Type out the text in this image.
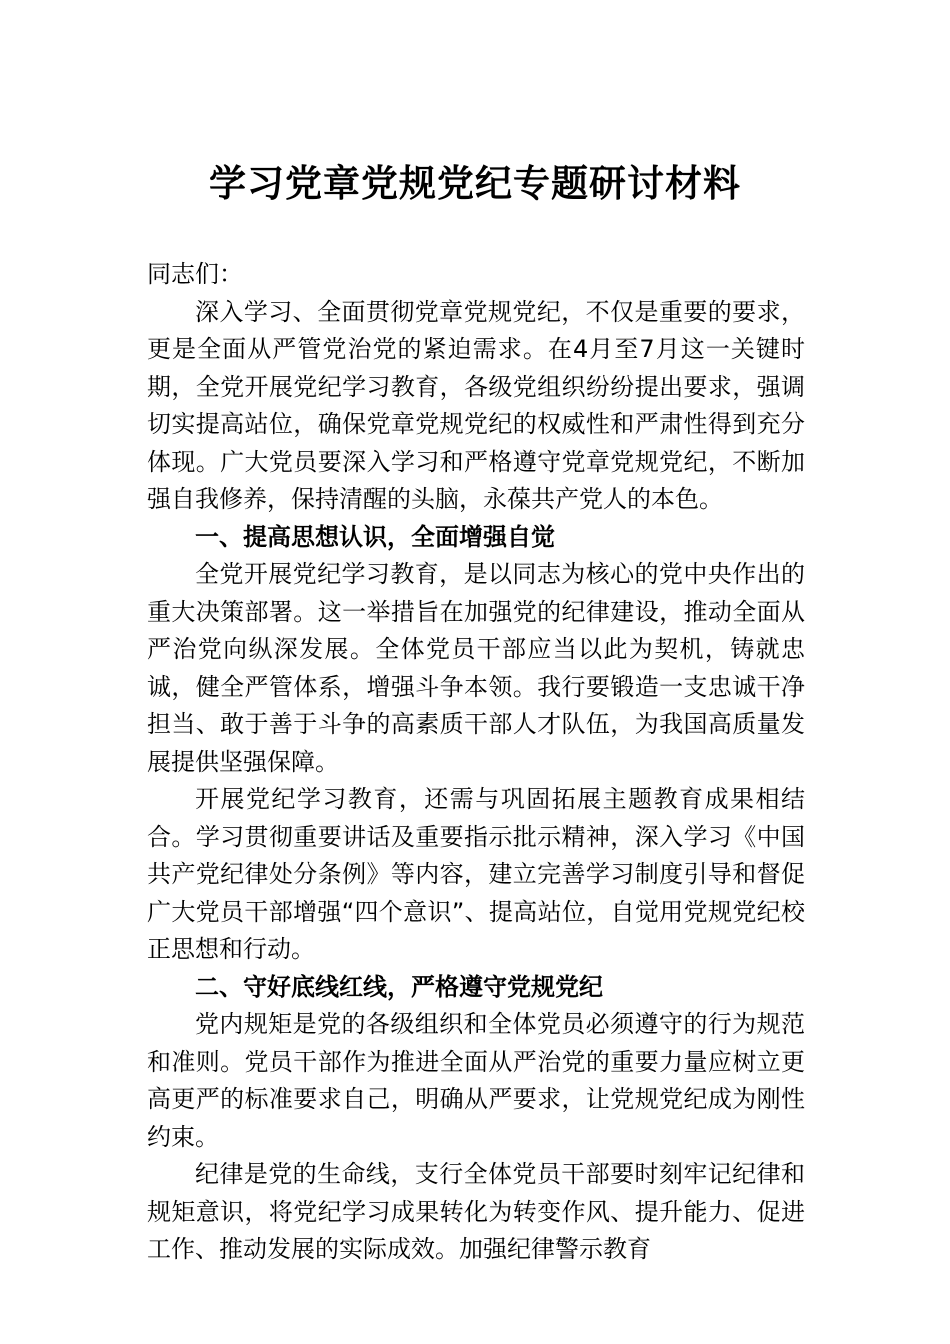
学习党章党规党纪专题研讨材料

同志们：

深入学习、全面贯彻党章党规党纪，不仅是重要的要求，更是全面从严管党治党的紧迫需求。在4月至7月这一关键时期，全党开展党纪学习教育，各级党组织纷纷提出要求，强调切实提高站位，确保党章党规党纪的权威性和严肃性得到充分体现。广大党员要深入学习和严格遵守党章党规党纪，不断加强自我修养，保持清醒的头脑，永葆共产党人的本色。

一、提高思想认识，全面增强自觉

全党开展党纪学习教育，是以同志为核心的党中央作出的重大决策部署。这一举措旨在加强党的纪律建设，推动全面从严治党向纵深发展。全体党员干部应当以此为契机，铸就忠诚，健全严管体系，增强斗争本领。我行要锻造一支忠诚干净担当、敢于善于斗争的高素质干部人才队伍，为我国高质量发展提供坚强保障。

开展党纪学习教育，还需与巩固拓展主题教育成果相结合。学习贯彻重要讲话及重要指示批示精神，深入学习《中国共产党纪律处分条例》等内容，建立完善学习制度引导和督促广大党员干部增强“四个意识”、提高站位，自觉用党规党纪校正思想和行动。

二、守好底线红线，严格遵守党规党纪

党内规矩是党的各级组织和全体党员必须遵守的行为规范和准则。党员干部作为推进全面从严治党的重要力量应树立更高更严的标准要求自己，明确从严要求，让党规党纪成为刚性约束。

纪律是党的生命线，支行全体党员干部要时刻牢记纪律和规矩意识，将党纪学习成果转化为转变作风、提升能力、促进工作、推动发展的实际成效。加强纪律警示教育
